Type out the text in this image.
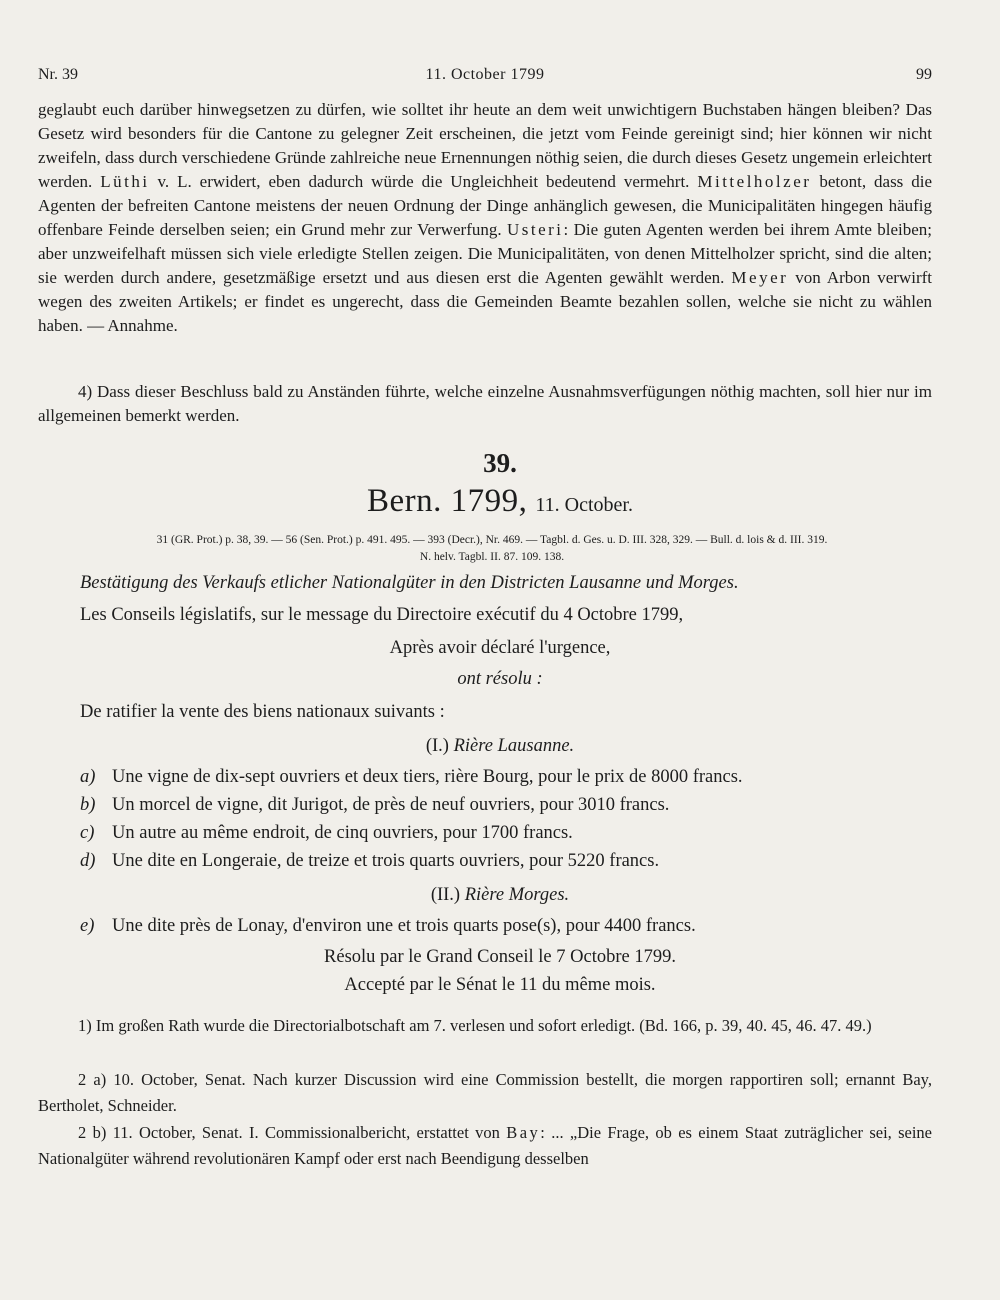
Nr. 39	11. October 1799	99

geglaubt euch darüber hinwegsetzen zu dürfen, wie solltet ihr heute an dem weit unwichtigern Buchstaben hängen bleiben? Das Gesetz wird besonders für die Cantone zu gelegner Zeit erscheinen, die jetzt vom Feinde gereinigt sind; hier können wir nicht zweifeln, dass durch verschiedene Gründe zahlreiche neue Ernennungen nöthig seien, die durch dieses Gesetz ungemein erleichtert werden. Lüthi v. L. erwidert, eben dadurch würde die Ungleichheit bedeutend vermehrt. Mittelholzer betont, dass die Agenten der befreiten Cantone meistens der neuen Ordnung der Dinge anhänglich gewesen, die Municipalitäten hingegen häufig offenbare Feinde derselben seien; ein Grund mehr zur Verwerfung. Usteri: Die guten Agenten werden bei ihrem Amte bleiben; aber unzweifelhaft müssen sich viele erledigte Stellen zeigen. Die Municipalitäten, von denen Mittelholzer spricht, sind die alten; sie werden durch andere, gesetzmäßige ersetzt und aus diesen erst die Agenten gewählt werden. Meyer von Arbon verwirft wegen des zweiten Artikels; er findet es ungerecht, dass die Gemeinden Beamte bezahlen sollen, welche sie nicht zu wählen haben. — Annahme.

4) Dass dieser Beschluss bald zu Anständen führte, welche einzelne Ausnahmsverfügungen nöthig machten, soll hier nur im allgemeinen bemerkt werden.

39.
Bern. 1799, 11. October.
31 (GR. Prot.) p. 38, 39. — 56 (Sen. Prot.) p. 491. 495. — 393 (Decr.), Nr. 469. — Tagbl. d. Ges. u. D. III. 328, 329. — Bull. d. lois & d. III. 319.
N. helv. Tagbl. II. 87. 109. 138.

Bestätigung des Verkaufs etlicher Nationalgüter in den Districten Lausanne und Morges.

Les Conseils législatifs, sur le message du Directoire exécutif du 4 Octobre 1799,

Après avoir déclaré l'urgence,

ont résolu :

De ratifier la vente des biens nationaux suivants :

(I.) Rière Lausanne.

a) Une vigne de dix-sept ouvriers et deux tiers, rière Bourg, pour le prix de 8000 francs.

b) Un morcel de vigne, dit Jurigot, de près de neuf ouvriers, pour 3010 francs.

c) Un autre au même endroit, de cinq ouvriers, pour 1700 francs.

d) Une dite en Longeraie, de treize et trois quarts ouvriers, pour 5220 francs.

(II.) Rière Morges.

e) Une dite près de Lonay, d'environ une et trois quarts pose(s), pour 4400 francs.

Résolu par le Grand Conseil le 7 Octobre 1799.

Accepté par le Sénat le 11 du même mois.

1) Im großen Rath wurde die Directorialbotschaft am 7. verlesen und sofort erledigt. (Bd. 166, p. 39, 40. 45, 46. 47. 49.)

2 a) 10. October, Senat. Nach kurzer Discussion wird eine Commission bestellt, die morgen rapportiren soll; ernannt Bay, Bertholet, Schneider.

2 b) 11. October, Senat. I. Commissionalbericht, erstattet von Bay: ... „Die Frage, ob es einem Staat zuträglicher sei, seine Nationalgüter während revolutionären Kampf oder erst nach Beendigung desselben
